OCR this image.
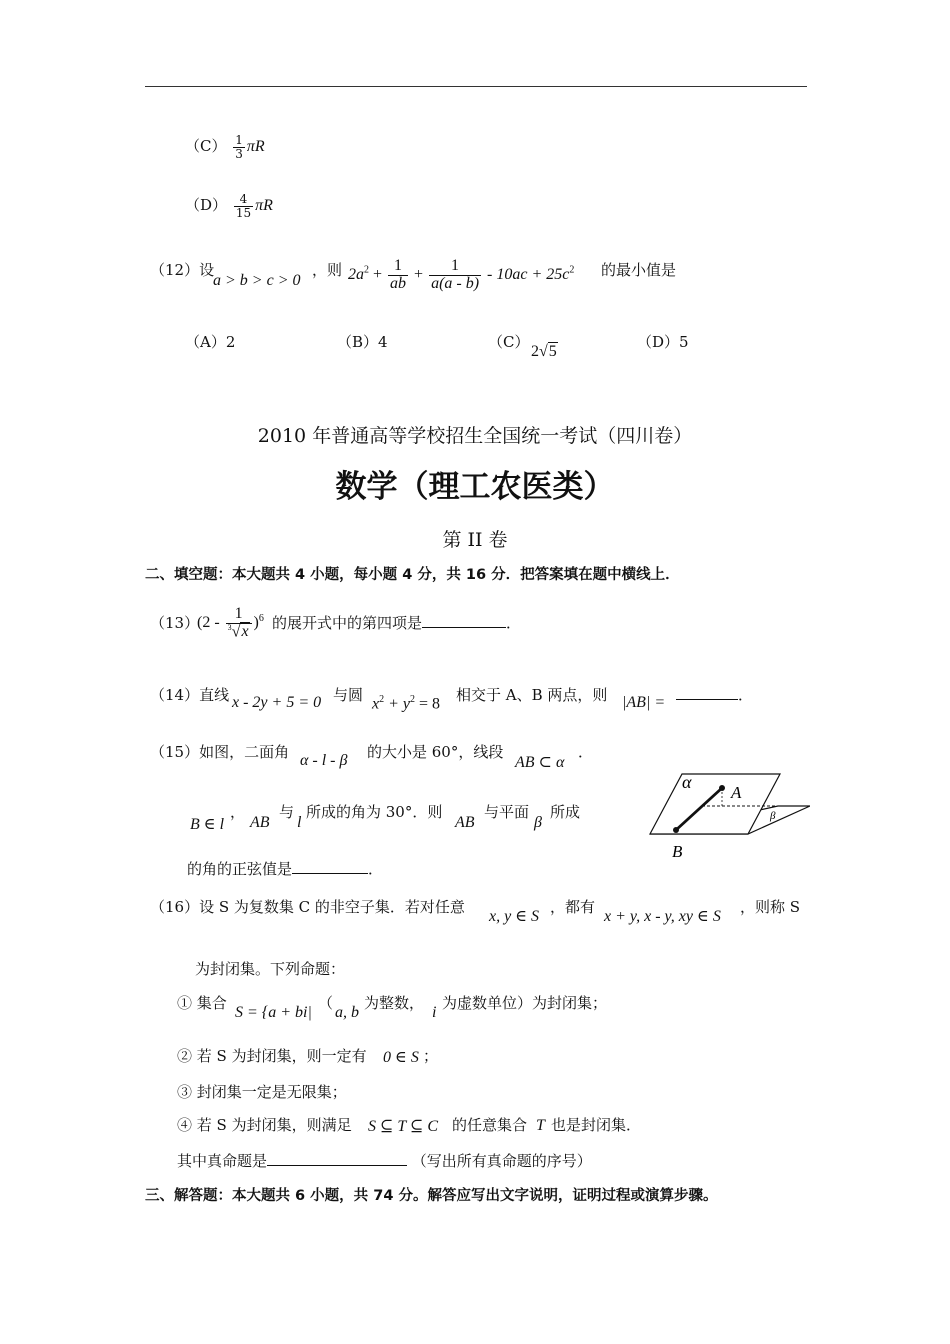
$(C) \frac{1}{3}$ πR
$(D) \frac{4}{15}$ πR
（12）设
a > b > c > 0
，则 $2a^2 + \frac{1}{ab} + \frac{1}{a(a - b)} - 10ac + 25c^2$ 的最小值是
（A）2	（B）4	（C）
2√5
（D）5
2010 年普通高等学校招生全国统一考试（四川卷）
数学（理工农医类）
第 II 卷
二、填空题：本大题共 4 小题，每小题 4 分，共 16 分．把答案填在题中横线上．
（13）
$(2 - \frac{1}{^3√x} )^6$ 的展开式中的第四项是	．
（14）直线 x - 2y + 5 = 0 与圆 $x^2 + y^2 = 8$ 相交于 A、B 两点，则 |AB| =	．
（15）如图，二面角 α - l - β 的大小是 60°，线段
AB ⊂ α
．
B ∈ l
，
AB
与
l
所成的角为 30°．则
AB
与平面
β
所成
的角的正弦值是	．
α
A
B
β
（16）设 S 为复数集 C 的非空子集．若对任意
x, y ∈ S
，都有
x + y, x - y, xy ∈ S
，则称 S
为封闭集。下列命题：
① 集合
S = {a + bi|
（
a, b
为整数，
i
为虚数单位）为封闭集；
② 若 S 为封闭集，则一定有 0 ∈ S ；
③ 封闭集一定是无限集；
④ 若 S 为封闭集，则满足 S ⊆ T ⊆ C 的任意集合 T 也是封闭集．
其中真命题是	（写出所有真命题的序号）
三、解答题：本大题共 6 小题，共 74 分。解答应写出文字说明，证明过程或演算步骤。
